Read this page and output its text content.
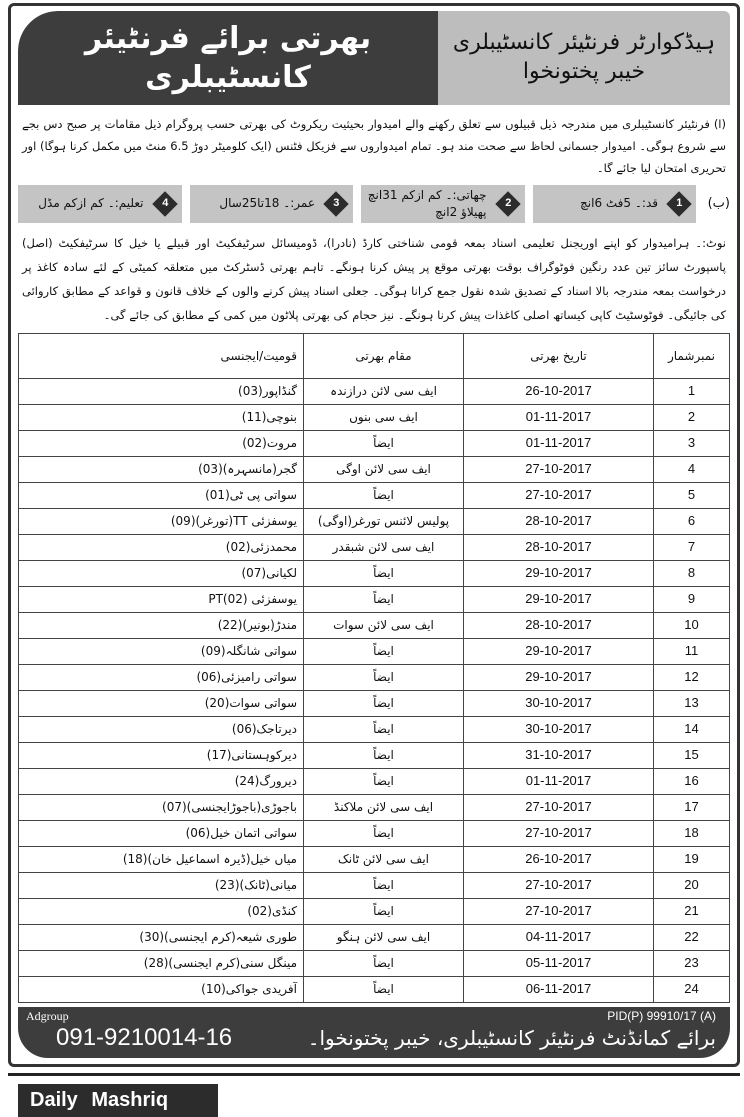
بھرتی برائے فرنٹیئر کانسٹیبلری
ہیڈکوارٹر فرنٹیئر کانسٹیبلری خیبر پختونخوا
(ا) فرنٹیئر کانسٹیبلری میں مندرجہ ذیل قبیلوں سے تعلق رکھنے والے امیدوار بحیثیت ریکروٹ کی بھرتی حسب پروگرام ذیل مقامات پر صبح دس بجے سے شروع ہوگی۔ امیدوار جسمانی لحاظ سے صحت مند ہو۔ تمام امیدواروں سے فزیکل فٹنس (ایک کلومیٹر دوڑ 6.5 منٹ میں مکمل کرنا ہوگا) اور تحریری امتحان لیا جائے گا۔
(ب)
1
قد:۔ 5فٹ 6انچ
2
چھاتی:۔ کم ازکم 31انچ پھیلاؤ 2انچ
3
عمر:۔ 18تا25سال
4
تعلیم:۔ کم ازکم مڈل
نوٹ:۔ ہرامیدوار کو اپنے اوریجنل تعلیمی اسناد بمعہ قومی شناختی کارڈ (نادرا)، ڈومیسائل سرٹیفکیٹ اور قبیلے یا خیل کا سرٹیفکیٹ (اصل) پاسپورٹ سائز تین عدد رنگین فوٹوگراف بوقت بھرتی موقع پر پیش کرنا ہونگے۔ تاہم بھرتی ڈسٹرکٹ میں متعلقہ کمیٹی کے لئے سادہ کاغذ پر درخواست بمعہ مندرجہ بالا اسناد کے تصدیق شدہ نقول جمع کرانا ہوگی۔ جعلی اسناد پیش کرنے والوں کے خلاف قانون و قواعد کے مطابق کاروائی کی جائیگی۔ فوٹوسٹیٹ کاپی کیساتھ اصلی کاغذات پیش کرنا ہونگے۔ نیز حجام کی بھرتی پلاٹون میں کمی کے مطابق کی جائے گی۔
نمبرشمار	تاریخ بھرتی	مقام بھرتی	قومیت/ایجنسی
1	26-10-2017	ایف سی لائن درازندہ	گنڈاپور(03)
2	01-11-2017	ایف سی بنوں	بنوچی(11)
3	01-11-2017	ایضاً	مروت(02)
4	27-10-2017	ایف سی لائن اوگی	گجر(مانسہرہ)(03)
5	27-10-2017	ایضاً	سواتی پی ٹی(01)
6	28-10-2017	پولیس لائنس تورغر(اوگی)	یوسفزئی TT(تورغر)(09)
7	28-10-2017	ایف سی لائن شبقدر	محمدزئی(02)
8	29-10-2017	ایضاً	لکیانی(07)
9	29-10-2017	ایضاً	یوسفزئی PT(02)
10	28-10-2017	ایف سی لائن سوات	مندڑ(بونیر)(22)
11	29-10-2017	ایضاً	سواتی شانگلہ(09)
12	29-10-2017	ایضاً	سواتی رامیزئی(06)
13	30-10-2017	ایضاً	سواتی سوات(20)
14	30-10-2017	ایضاً	دیرتاجک(06)
15	31-10-2017	ایضاً	دیرکوہستانی(17)
16	01-11-2017	ایضاً	دیرورگ(24)
17	27-10-2017	ایف سی لائن ملاکنڈ	باجوڑی(باجوڑایجنسی)(07)
18	27-10-2017	ایضاً	سواتی اتمان خیل(06)
19	26-10-2017	ایف سی لائن ٹانک	میاں خیل(ڈیرہ اسماعیل خان)(18)
20	27-10-2017	ایضاً	میانی(ٹانک)(23)
21	27-10-2017	ایضاً	کنڈی(02)
22	04-11-2017	ایف سی لائن ہنگو	طوری شیعہ(کرم ایجنسی)(30)
23	05-11-2017	ایضاً	مینگل سنی(کرم ایجنسی)(28)
24	06-11-2017	ایضاً	آفریدی جواکی(10)
Adgroup	PID(P) 99910/17 (A)
091-9210014-16	برائے کمانڈنٹ فرنٹیئر کانسٹیبلری، خیبر پختونخوا۔
Daily Mashriq
